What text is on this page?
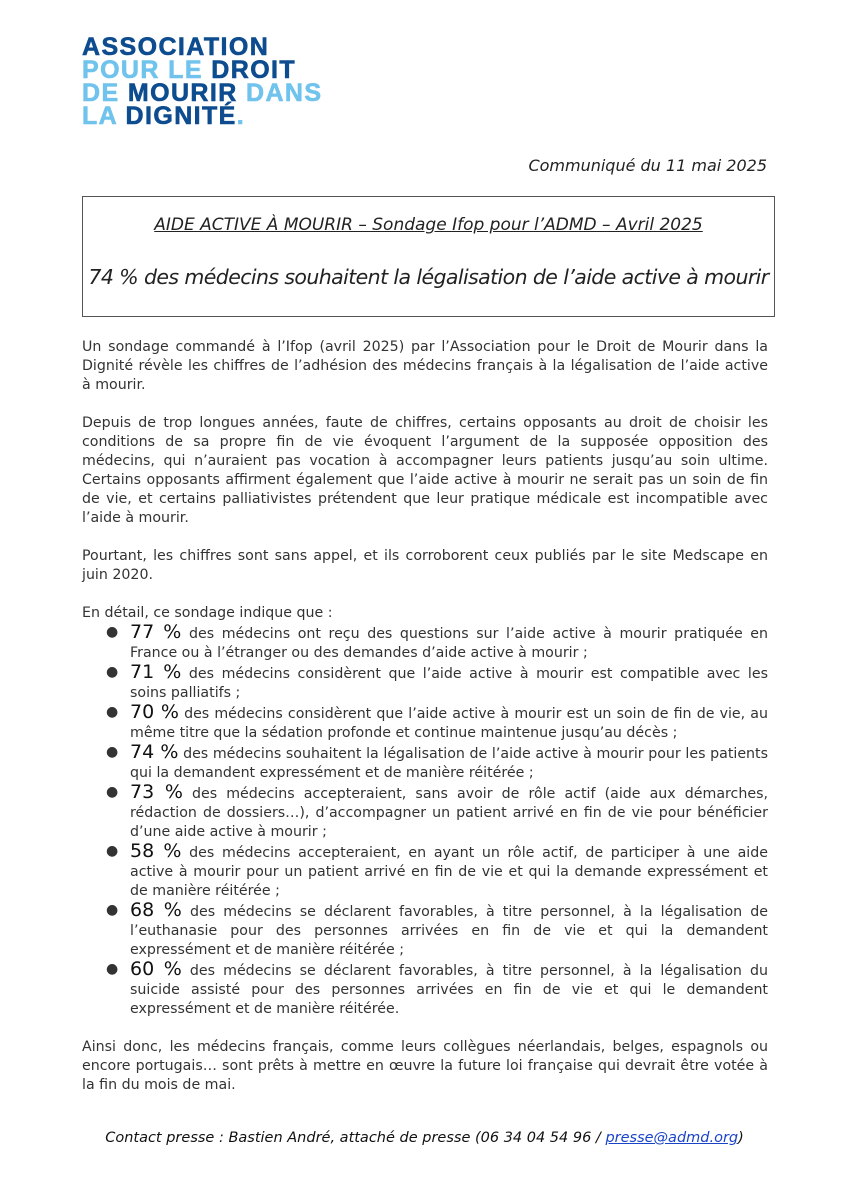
ASSOCIATION
POUR LE DROIT
DE MOURIR DANS
LA DIGNITÉ.
Communiqué du 11 mai 2025
AIDE ACTIVE À MOURIR – Sondage Ifop pour l’ADMD – Avril 2025
74 % des médecins souhaitent la légalisation de l’aide active à mourir

Un sondage commandé à l’Ifop (avril 2025) par l’Association pour le Droit de Mourir dans la Dignité révèle les chiffres de l’adhésion des médecins français à la légalisation de l’aide active à mourir.

Depuis de trop longues années, faute de chiffres, certains opposants au droit de choisir les conditions de sa propre fin de vie évoquent l’argument de la supposée opposition des médecins, qui n’auraient pas vocation à accompagner leurs patients jusqu’au soin ultime. Certains opposants affirment également que l’aide active à mourir ne serait pas un soin de fin de vie, et certains palliativistes prétendent que leur pratique médicale est incompatible avec l’aide à mourir.

Pourtant, les chiffres sont sans appel, et ils corroborent ceux publiés par le site Medscape en juin 2020.

En détail, ce sondage indique que :

● 77 % des médecins ont reçu des questions sur l’aide active à mourir pratiquée en France ou à l’étranger ou des demandes d’aide active à mourir ;
● 71 % des médecins considèrent que l’aide active à mourir est compatible avec les soins palliatifs ;
● 70 % des médecins considèrent que l’aide active à mourir est un soin de fin de vie, au même titre que la sédation profonde et continue maintenue jusqu’au décès ;
● 74 % des médecins souhaitent la légalisation de l’aide active à mourir pour les patients qui la demandent expressément et de manière réitérée ;
● 73 % des médecins accepteraient, sans avoir de rôle actif (aide aux démarches, rédaction de dossiers…), d’accompagner un patient arrivé en fin de vie pour bénéficier d’une aide active à mourir ;
● 58 % des médecins accepteraient, en ayant un rôle actif, de participer à une aide active à mourir pour un patient arrivé en fin de vie et qui la demande expressément et de manière réitérée ;
● 68 % des médecins se déclarent favorables, à titre personnel, à la légalisation de l’euthanasie pour des personnes arrivées en fin de vie et qui la demandent expressément et de manière réitérée ;
● 60 % des médecins se déclarent favorables, à titre personnel, à la légalisation du suicide assisté pour des personnes arrivées en fin de vie et qui le demandent expressément et de manière réitérée.

Ainsi donc, les médecins français, comme leurs collègues néerlandais, belges, espagnols ou encore portugais… sont prêts à mettre en œuvre la future loi française qui devrait être votée à la fin du mois de mai.

Contact presse : Bastien André, attaché de presse (06 34 04 54 96 / presse@admd.org)
